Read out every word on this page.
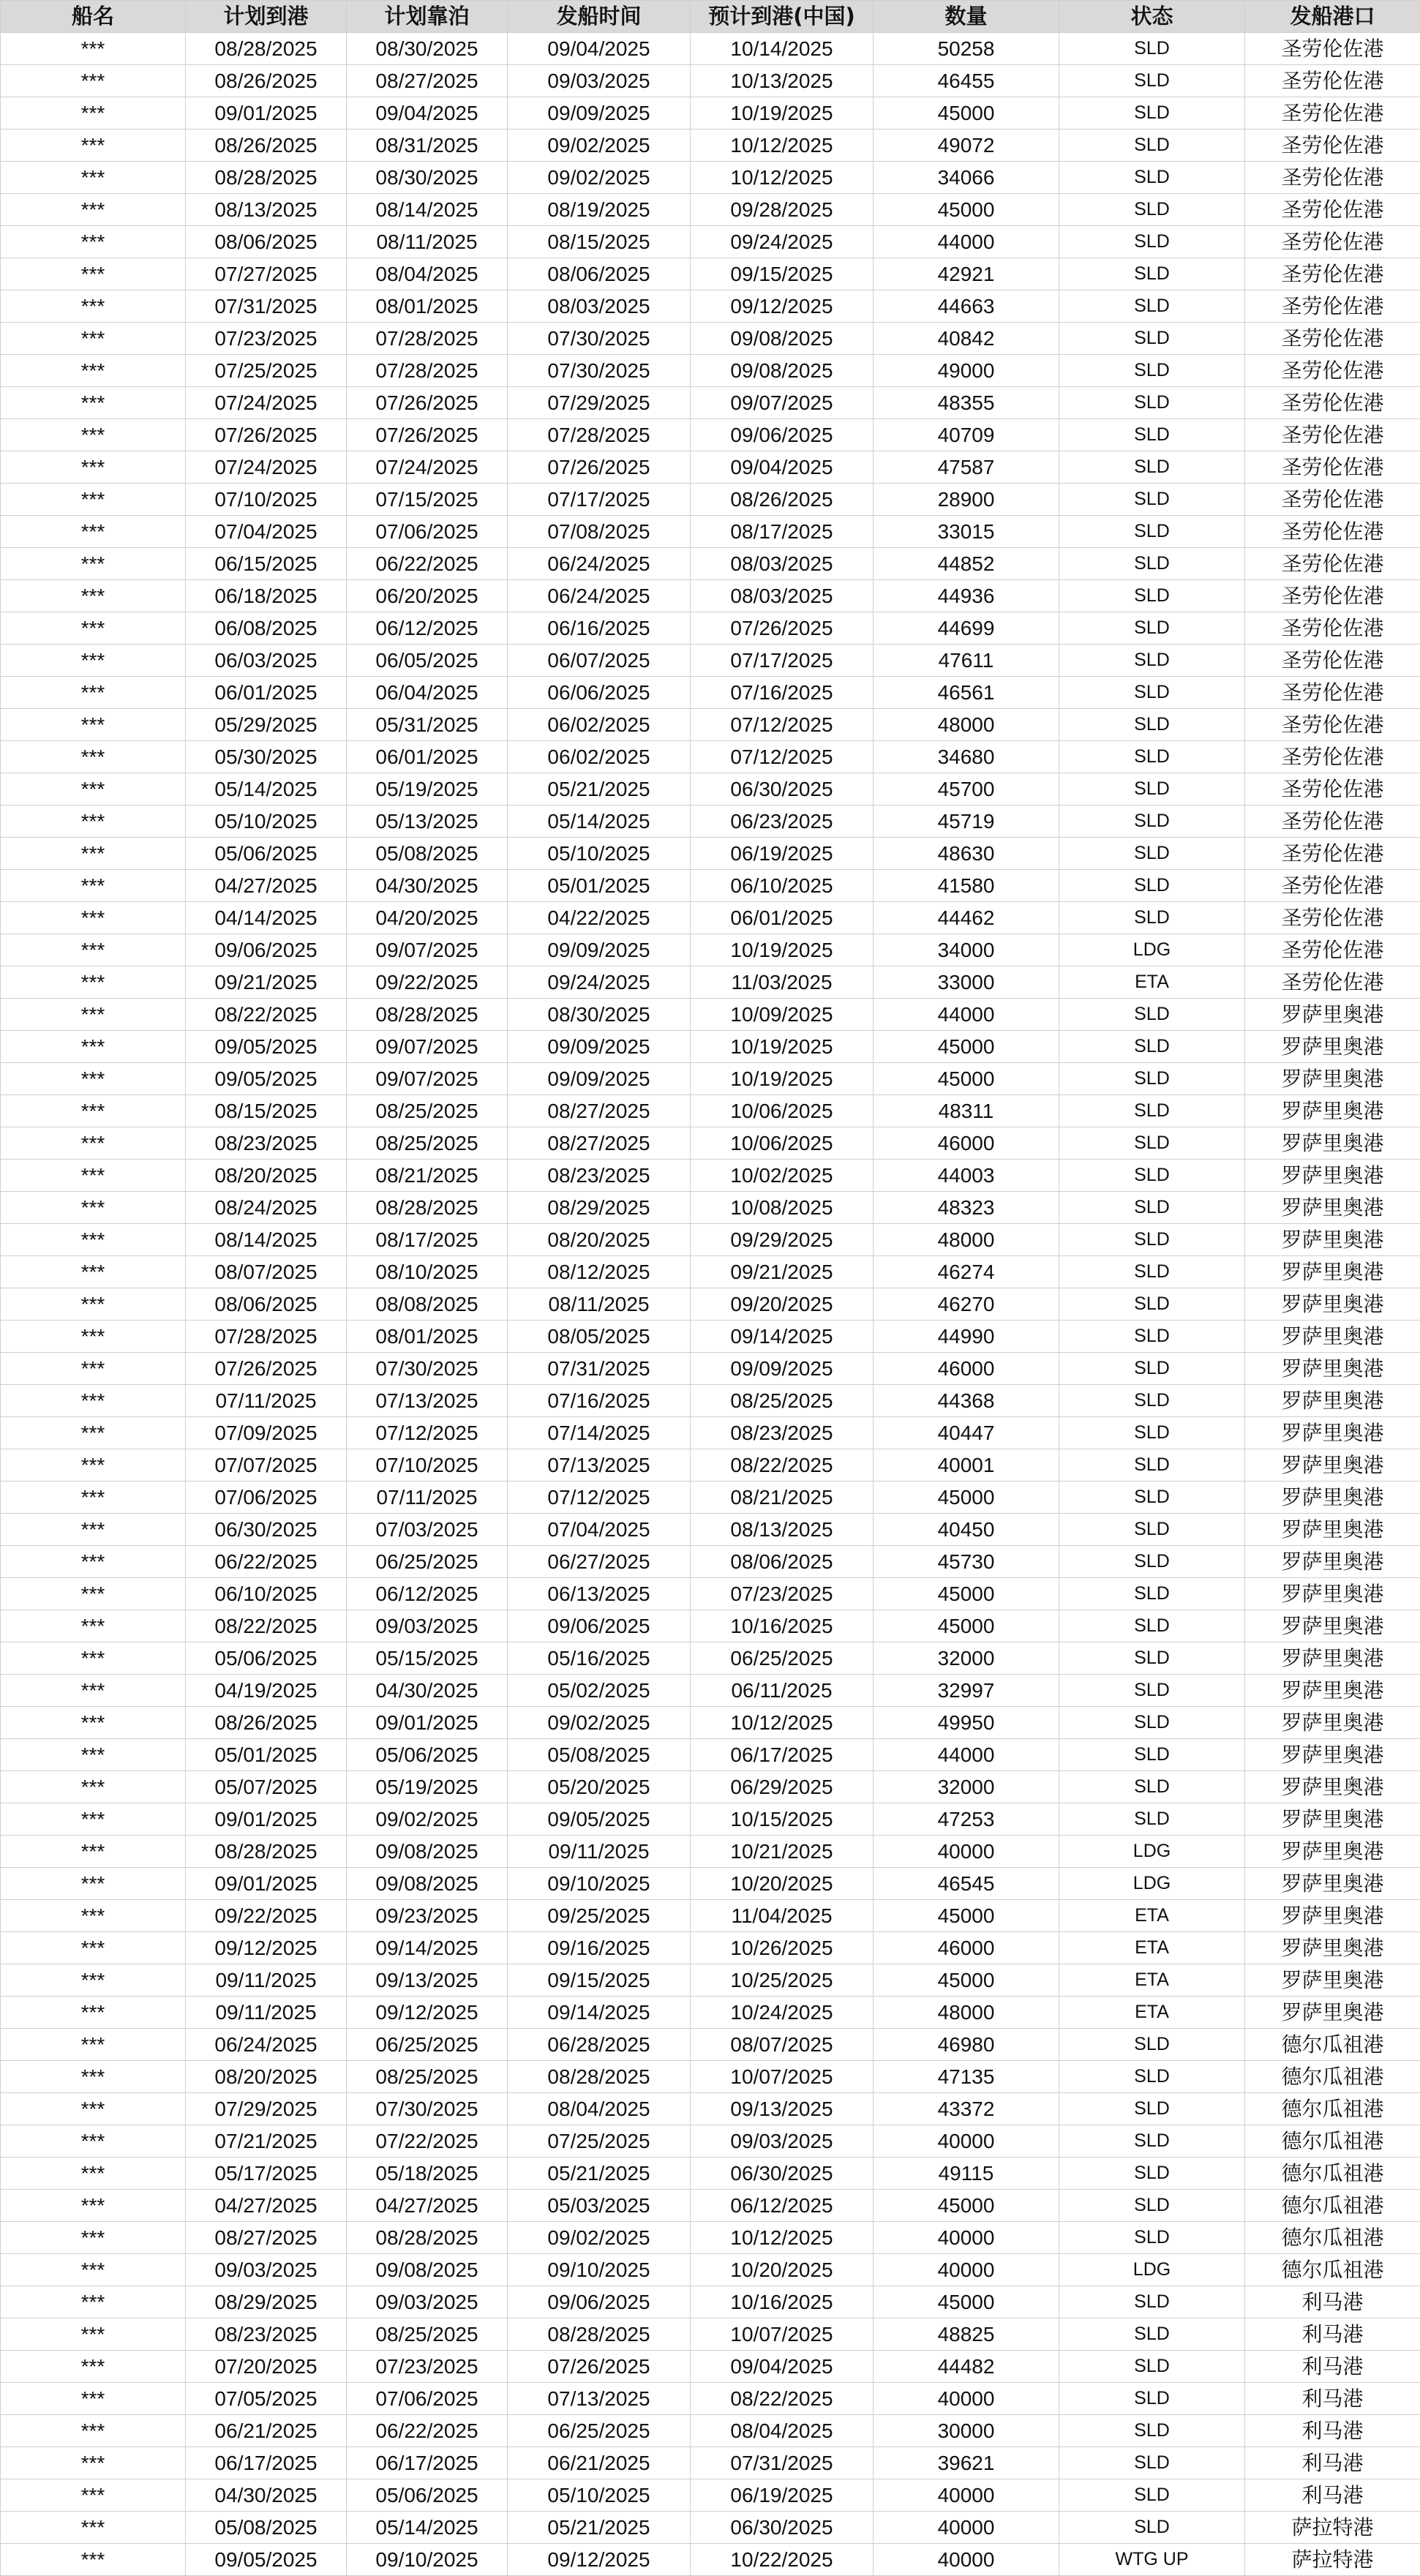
船名	计划到港	计划靠泊	发船时间	预计到港(中国)	数量	状态	发船港口
***	08/28/2025	08/30/2025	09/04/2025	10/14/2025	50258	SLD	圣劳伦佐港
***	08/26/2025	08/27/2025	09/03/2025	10/13/2025	46455	SLD	圣劳伦佐港
***	09/01/2025	09/04/2025	09/09/2025	10/19/2025	45000	SLD	圣劳伦佐港
***	08/26/2025	08/31/2025	09/02/2025	10/12/2025	49072	SLD	圣劳伦佐港
***	08/28/2025	08/30/2025	09/02/2025	10/12/2025	34066	SLD	圣劳伦佐港
***	08/13/2025	08/14/2025	08/19/2025	09/28/2025	45000	SLD	圣劳伦佐港
***	08/06/2025	08/11/2025	08/15/2025	09/24/2025	44000	SLD	圣劳伦佐港
***	07/27/2025	08/04/2025	08/06/2025	09/15/2025	42921	SLD	圣劳伦佐港
***	07/31/2025	08/01/2025	08/03/2025	09/12/2025	44663	SLD	圣劳伦佐港
***	07/23/2025	07/28/2025	07/30/2025	09/08/2025	40842	SLD	圣劳伦佐港
***	07/25/2025	07/28/2025	07/30/2025	09/08/2025	49000	SLD	圣劳伦佐港
***	07/24/2025	07/26/2025	07/29/2025	09/07/2025	48355	SLD	圣劳伦佐港
***	07/26/2025	07/26/2025	07/28/2025	09/06/2025	40709	SLD	圣劳伦佐港
***	07/24/2025	07/24/2025	07/26/2025	09/04/2025	47587	SLD	圣劳伦佐港
***	07/10/2025	07/15/2025	07/17/2025	08/26/2025	28900	SLD	圣劳伦佐港
***	07/04/2025	07/06/2025	07/08/2025	08/17/2025	33015	SLD	圣劳伦佐港
***	06/15/2025	06/22/2025	06/24/2025	08/03/2025	44852	SLD	圣劳伦佐港
***	06/18/2025	06/20/2025	06/24/2025	08/03/2025	44936	SLD	圣劳伦佐港
***	06/08/2025	06/12/2025	06/16/2025	07/26/2025	44699	SLD	圣劳伦佐港
***	06/03/2025	06/05/2025	06/07/2025	07/17/2025	47611	SLD	圣劳伦佐港
***	06/01/2025	06/04/2025	06/06/2025	07/16/2025	46561	SLD	圣劳伦佐港
***	05/29/2025	05/31/2025	06/02/2025	07/12/2025	48000	SLD	圣劳伦佐港
***	05/30/2025	06/01/2025	06/02/2025	07/12/2025	34680	SLD	圣劳伦佐港
***	05/14/2025	05/19/2025	05/21/2025	06/30/2025	45700	SLD	圣劳伦佐港
***	05/10/2025	05/13/2025	05/14/2025	06/23/2025	45719	SLD	圣劳伦佐港
***	05/06/2025	05/08/2025	05/10/2025	06/19/2025	48630	SLD	圣劳伦佐港
***	04/27/2025	04/30/2025	05/01/2025	06/10/2025	41580	SLD	圣劳伦佐港
***	04/14/2025	04/20/2025	04/22/2025	06/01/2025	44462	SLD	圣劳伦佐港
***	09/06/2025	09/07/2025	09/09/2025	10/19/2025	34000	LDG	圣劳伦佐港
***	09/21/2025	09/22/2025	09/24/2025	11/03/2025	33000	ETA	圣劳伦佐港
***	08/22/2025	08/28/2025	08/30/2025	10/09/2025	44000	SLD	罗萨里奥港
***	09/05/2025	09/07/2025	09/09/2025	10/19/2025	45000	SLD	罗萨里奥港
***	09/05/2025	09/07/2025	09/09/2025	10/19/2025	45000	SLD	罗萨里奥港
***	08/15/2025	08/25/2025	08/27/2025	10/06/2025	48311	SLD	罗萨里奥港
***	08/23/2025	08/25/2025	08/27/2025	10/06/2025	46000	SLD	罗萨里奥港
***	08/20/2025	08/21/2025	08/23/2025	10/02/2025	44003	SLD	罗萨里奥港
***	08/24/2025	08/28/2025	08/29/2025	10/08/2025	48323	SLD	罗萨里奥港
***	08/14/2025	08/17/2025	08/20/2025	09/29/2025	48000	SLD	罗萨里奥港
***	08/07/2025	08/10/2025	08/12/2025	09/21/2025	46274	SLD	罗萨里奥港
***	08/06/2025	08/08/2025	08/11/2025	09/20/2025	46270	SLD	罗萨里奥港
***	07/28/2025	08/01/2025	08/05/2025	09/14/2025	44990	SLD	罗萨里奥港
***	07/26/2025	07/30/2025	07/31/2025	09/09/2025	46000	SLD	罗萨里奥港
***	07/11/2025	07/13/2025	07/16/2025	08/25/2025	44368	SLD	罗萨里奥港
***	07/09/2025	07/12/2025	07/14/2025	08/23/2025	40447	SLD	罗萨里奥港
***	07/07/2025	07/10/2025	07/13/2025	08/22/2025	40001	SLD	罗萨里奥港
***	07/06/2025	07/11/2025	07/12/2025	08/21/2025	45000	SLD	罗萨里奥港
***	06/30/2025	07/03/2025	07/04/2025	08/13/2025	40450	SLD	罗萨里奥港
***	06/22/2025	06/25/2025	06/27/2025	08/06/2025	45730	SLD	罗萨里奥港
***	06/10/2025	06/12/2025	06/13/2025	07/23/2025	45000	SLD	罗萨里奥港
***	08/22/2025	09/03/2025	09/06/2025	10/16/2025	45000	SLD	罗萨里奥港
***	05/06/2025	05/15/2025	05/16/2025	06/25/2025	32000	SLD	罗萨里奥港
***	04/19/2025	04/30/2025	05/02/2025	06/11/2025	32997	SLD	罗萨里奥港
***	08/26/2025	09/01/2025	09/02/2025	10/12/2025	49950	SLD	罗萨里奥港
***	05/01/2025	05/06/2025	05/08/2025	06/17/2025	44000	SLD	罗萨里奥港
***	05/07/2025	05/19/2025	05/20/2025	06/29/2025	32000	SLD	罗萨里奥港
***	09/01/2025	09/02/2025	09/05/2025	10/15/2025	47253	SLD	罗萨里奥港
***	08/28/2025	09/08/2025	09/11/2025	10/21/2025	40000	LDG	罗萨里奥港
***	09/01/2025	09/08/2025	09/10/2025	10/20/2025	46545	LDG	罗萨里奥港
***	09/22/2025	09/23/2025	09/25/2025	11/04/2025	45000	ETA	罗萨里奥港
***	09/12/2025	09/14/2025	09/16/2025	10/26/2025	46000	ETA	罗萨里奥港
***	09/11/2025	09/13/2025	09/15/2025	10/25/2025	45000	ETA	罗萨里奥港
***	09/11/2025	09/12/2025	09/14/2025	10/24/2025	48000	ETA	罗萨里奥港
***	06/24/2025	06/25/2025	06/28/2025	08/07/2025	46980	SLD	德尔瓜祖港
***	08/20/2025	08/25/2025	08/28/2025	10/07/2025	47135	SLD	德尔瓜祖港
***	07/29/2025	07/30/2025	08/04/2025	09/13/2025	43372	SLD	德尔瓜祖港
***	07/21/2025	07/22/2025	07/25/2025	09/03/2025	40000	SLD	德尔瓜祖港
***	05/17/2025	05/18/2025	05/21/2025	06/30/2025	49115	SLD	德尔瓜祖港
***	04/27/2025	04/27/2025	05/03/2025	06/12/2025	45000	SLD	德尔瓜祖港
***	08/27/2025	08/28/2025	09/02/2025	10/12/2025	40000	SLD	德尔瓜祖港
***	09/03/2025	09/08/2025	09/10/2025	10/20/2025	40000	LDG	德尔瓜祖港
***	08/29/2025	09/03/2025	09/06/2025	10/16/2025	45000	SLD	利马港
***	08/23/2025	08/25/2025	08/28/2025	10/07/2025	48825	SLD	利马港
***	07/20/2025	07/23/2025	07/26/2025	09/04/2025	44482	SLD	利马港
***	07/05/2025	07/06/2025	07/13/2025	08/22/2025	40000	SLD	利马港
***	06/21/2025	06/22/2025	06/25/2025	08/04/2025	30000	SLD	利马港
***	06/17/2025	06/17/2025	06/21/2025	07/31/2025	39621	SLD	利马港
***	04/30/2025	05/06/2025	05/10/2025	06/19/2025	40000	SLD	利马港
***	05/08/2025	05/14/2025	05/21/2025	06/30/2025	40000	SLD	萨拉特港
***	09/05/2025	09/10/2025	09/12/2025	10/22/2025	40000	WTG UP	萨拉特港
